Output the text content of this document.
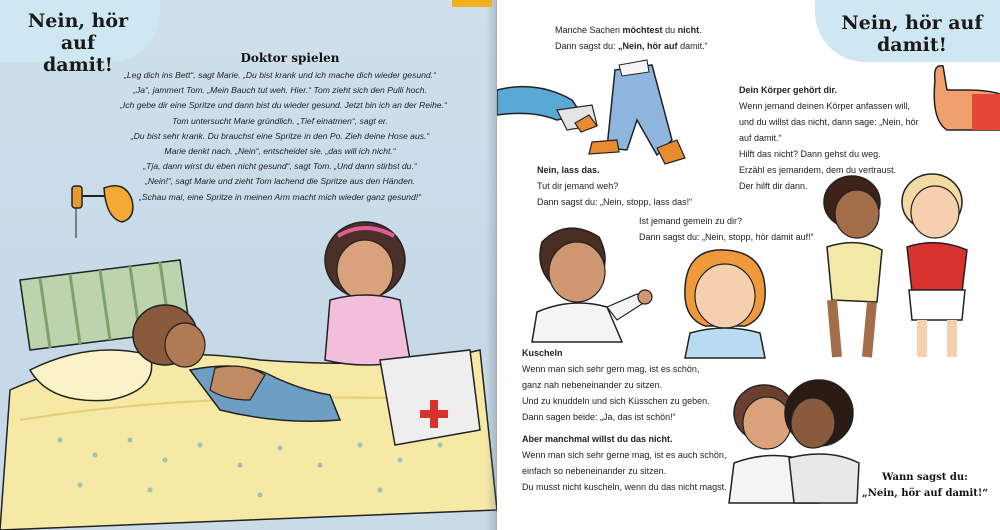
Nein, hör auf
damit!	Doktor spielen
„Leg dich ins Bett“, sagt Marie. „Du bist krank und ich mache dich wieder gesund.“
„Ja“, jammert Tom. „Mein Bauch tut weh. Hier.“ Tom zieht sich den Pulli hoch.
„Ich gebe dir eine Spritze und dann bist du wieder gesund. Jetzt bin ich an der Reihe.“
Tom untersucht Marie gründlich. „Tief einatmen“, sagt er.
„Du bist sehr krank. Du brauchst eine Spritze in den Po. Zieh deine Hose aus.“
Marie denkt nach. „Nein“, entscheidet sie. „das will ich nicht.“
„Tja, dann wirst du eben nicht gesund“, sagt Tom. „Und dann stirbst du.“
„Nein!“, sagt Marie und zieht Tom lachend die Spritze aus den Händen.
„Schau mal, eine Spritze in meinen Arm macht mich wieder ganz gesund!“
Nein, hör auf
damit!
Manche Sachen möchtest du nicht.
Dann sagst du: „Nein, hör auf damit.“
Dein Körper gehört dir.
Wenn jemand deinen Körper anfassen will,
und du willst das nicht, dann sage: „Nein, hör
auf damit.“
Hilft das nicht? Dann gehst du weg.
Erzähl es jemandem, dem du vertraust.
Der hilft dir dann.
Nein, lass das.
Tut dir jemand weh?
Dann sagst du: „Nein, stopp, lass das!“
Ist jemand gemein zu dir?
Dann sagst du: „Nein, stopp, hör damit auf!“
Kuscheln
Wenn man sich sehr gern mag, ist es schön,
ganz nah nebeneinander zu sitzen.
Und zu knuddeln und sich Küsschen zu geben.
Dann sagen beide: „Ja, das ist schön!“
Aber manchmal willst du das nicht.
Wenn man sich sehr gerne mag, ist es auch schön,
einfach so nebeneinander zu sitzen.
Du musst nicht kuscheln, wenn du das nicht magst.
Wann sagst du:
„Nein, hör auf damit!“
